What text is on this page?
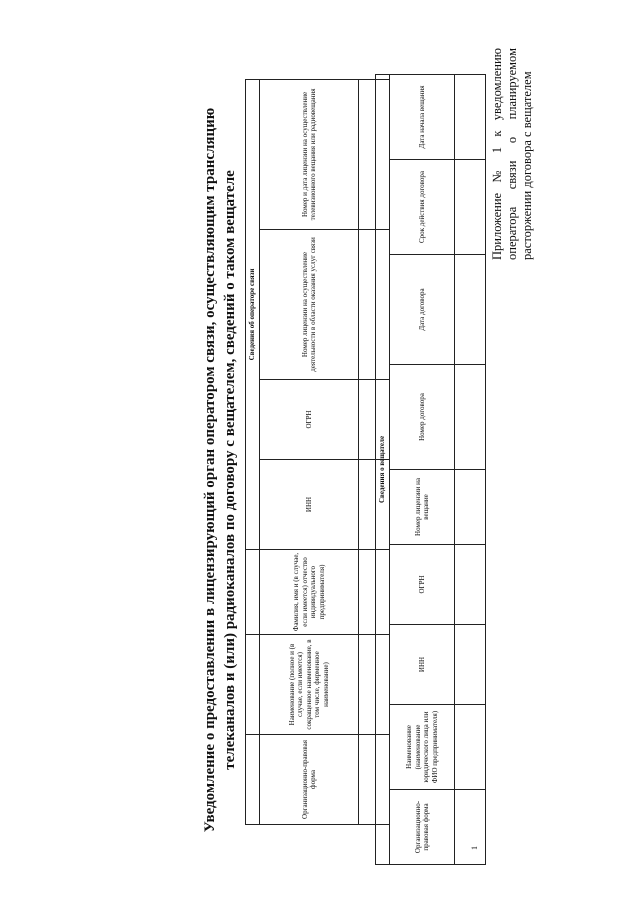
Приложение № 1 к уведомлению оператора связи о планируемом расторжении договора с вещателем
Уведомление о предоставлении в лицензирующий орган оператором связи, осуществляющим трансляцию телеканалов и (или) радиоканалов по договору с вещателем, сведений о таком вещателе
			Сведения об операторе связи			
Организационно-правовая форма	Наименование (полное и (в случае, если имеется) сокращенное наименование, в том числе, фирменное наименование)	Фамилия, имя и (в случае, если имеется) отчество индивидуального предпринимателя)	ИНН	ОГРН	Номер лицензии на осуществление деятельности в области оказания услуг связи	Номер и дата лицензии на осуществление телевизионного вещания или радиовещания

Сведения о вещателе								
Организационно-правовая форма	Наименование (наименование юридического лица или ФИО предпринимателя)	ИНН	ОГРН	Номер лицензии на вещание	Номер договора	Дата договора	Срок действия договора	Дата начала вещания

1
